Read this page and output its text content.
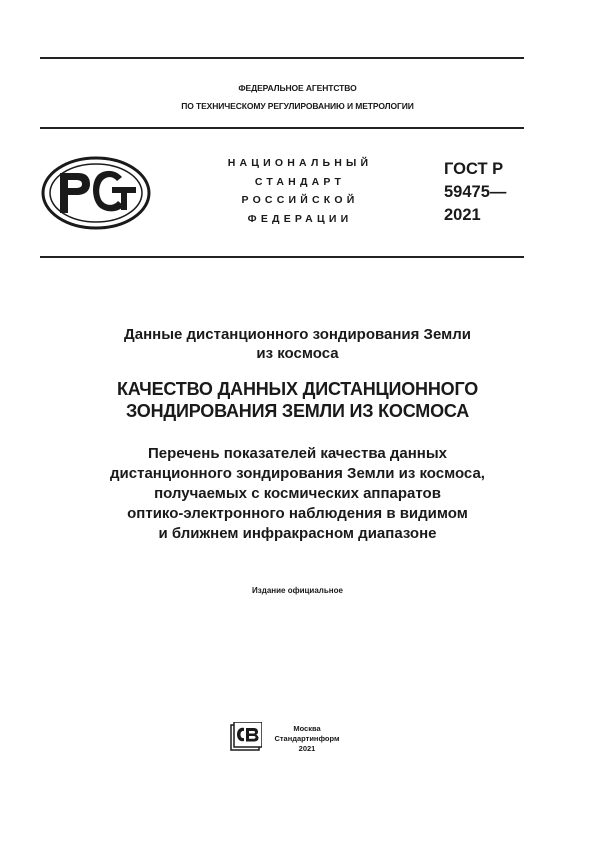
ФЕДЕРАЛЬНОЕ АГЕНТСТВО
ПО ТЕХНИЧЕСКОМУ РЕГУЛИРОВАНИЮ И МЕТРОЛОГИИ
НАЦИОНАЛЬНЫЙ
СТАНДАРТ
РОССИЙСКОЙ
ФЕДЕРАЦИИ
ГОСТ Р
59475—
2021
Данные дистанционного зондирования Земли
из космоса
КАЧЕСТВО ДАННЫХ ДИСТАНЦИОННОГО
ЗОНДИРОВАНИЯ ЗЕМЛИ ИЗ КОСМОСА
Перечень показателей качества данных
дистанционного зондирования Земли из космоса,
получаемых с космических аппаратов
оптико-электронного наблюдения в видимом
и ближнем инфракрасном диапазоне
Издание официальное
Москва
Стандартинформ
2021
